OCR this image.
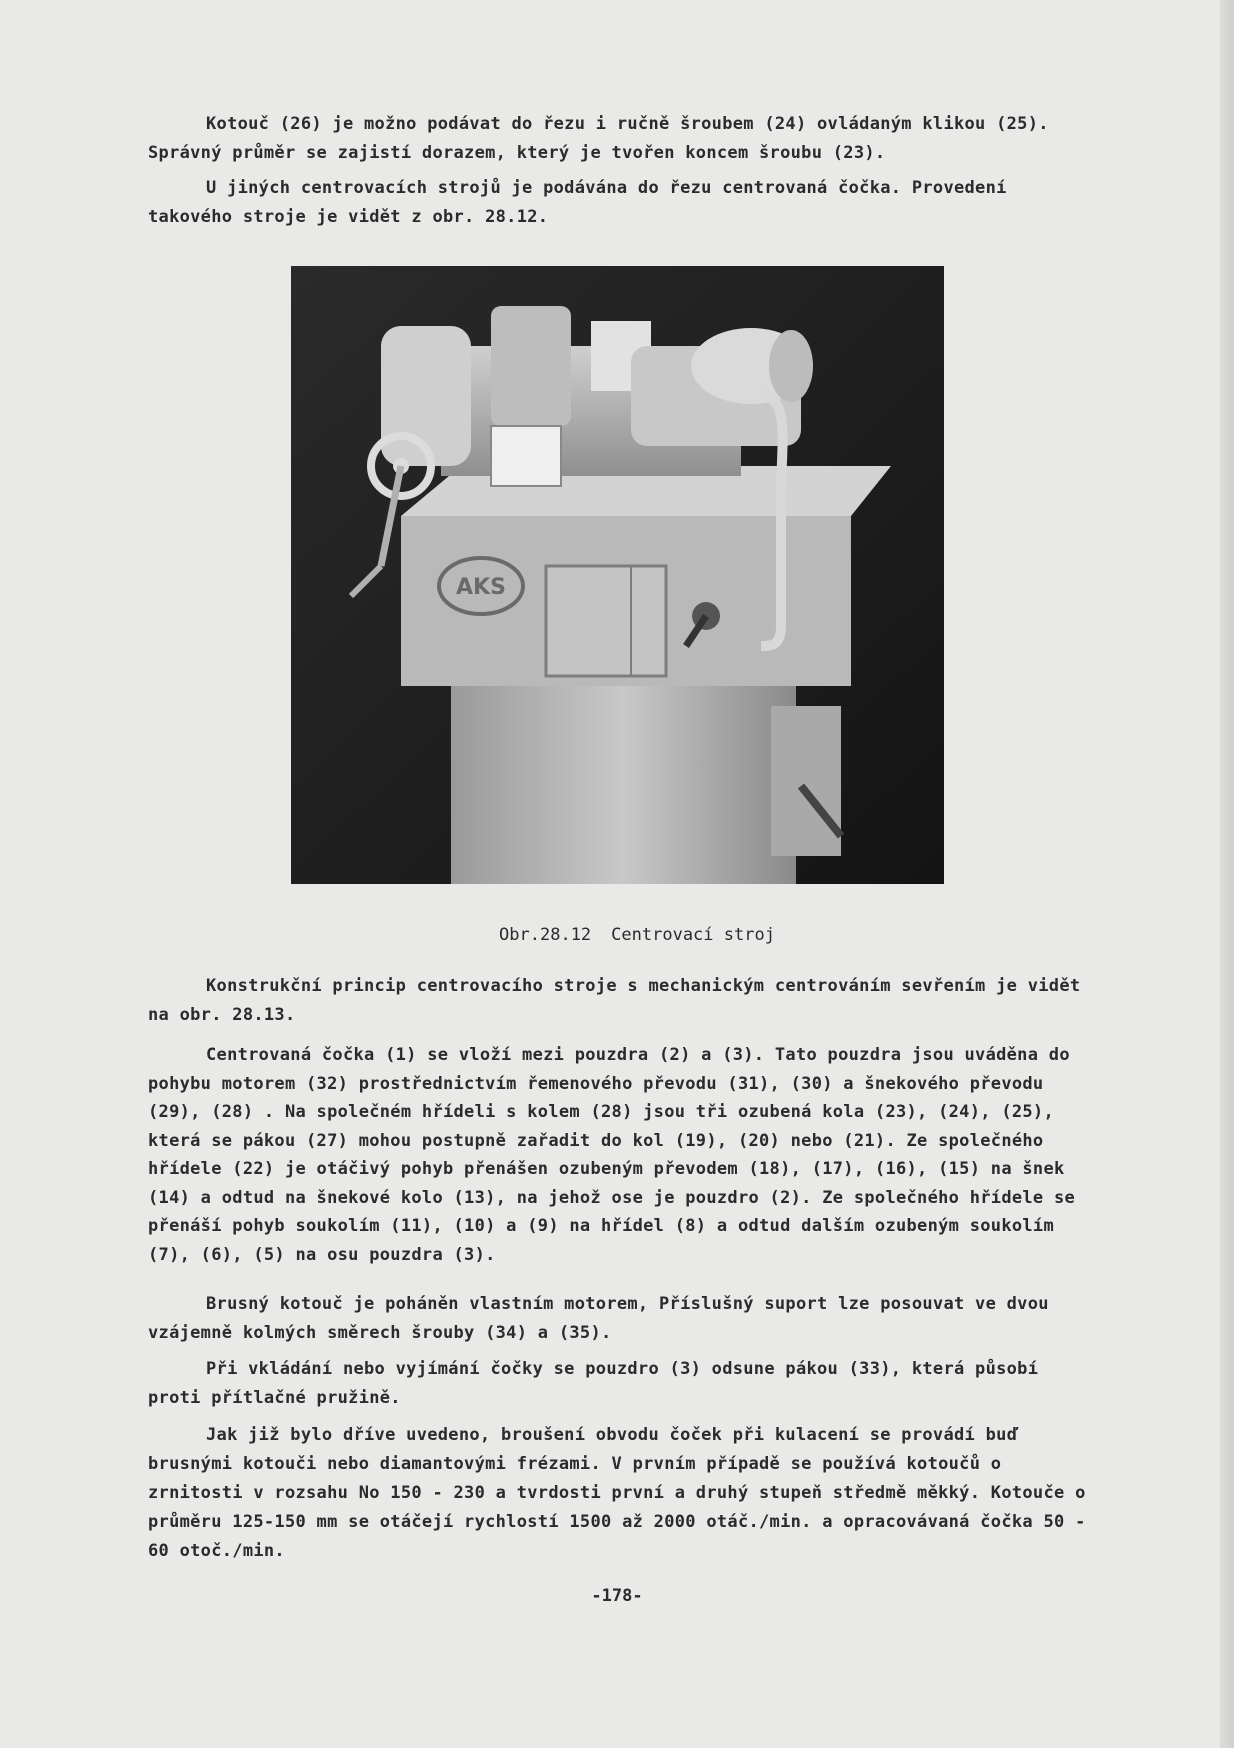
Kotouč (26) je možno podávat do řezu i ručně šroubem (24) ovládaným klikou (25). Správný průměr se zajistí dorazem, který je tvořen koncem šroubu (23).

U jiných centrovacích strojů je podávána do řezu centrovaná čočka. Provedení takového stroje je vidět z obr. 28.12.

AKS
Obr.28.12 Centrovací stroj

Konstrukční princip centrovacího stroje s mechanickým centrováním sevřením je vidět na obr. 28.13.

Centrovaná čočka (1) se vloží mezi pouzdra (2) a (3). Tato pouzdra jsou uváděna do pohybu motorem (32) prostřednictvím řemenového převodu (31), (30) a šnekového převodu (29), (28) . Na společném hřídeli s kolem (28) jsou tři ozubená kola (23), (24), (25), která se pákou (27) mohou postupně zařadit do kol (19), (20) nebo (21). Ze společného hřídele (22) je otáčivý pohyb přenášen ozubeným převodem (18), (17), (16), (15) na šnek (14) a odtud na šnekové kolo (13), na jehož ose je pouzdro (2). Ze společného hřídele se přenáší pohyb soukolím (11), (10) a (9) na hřídel (8) a odtud dalším ozubeným soukolím (7), (6), (5) na osu pouzdra (3).

Brusný kotouč je poháněn vlastním motorem, Příslušný suport lze posouvat ve dvou vzájemně kolmých směrech šrouby (34) a (35).

Při vkládání nebo vyjímání čočky se pouzdro (3) odsune pákou (33), která působí proti přítlačné pružině.

Jak již bylo dříve uvedeno, broušení obvodu čoček při kulacení se provádí buď brusnými kotouči nebo diamantovými frézami. V prvním případě se používá kotoučů o zrnitosti v rozsahu No 150 - 230 a tvrdosti první a druhý stupeň středmě měkký. Kotouče o průměru 125-150 mm se otáčejí rychlostí 1500 až 2000 otáč./min. a opracovávaná čočka 50 - 60 otoč./min.

-178-
